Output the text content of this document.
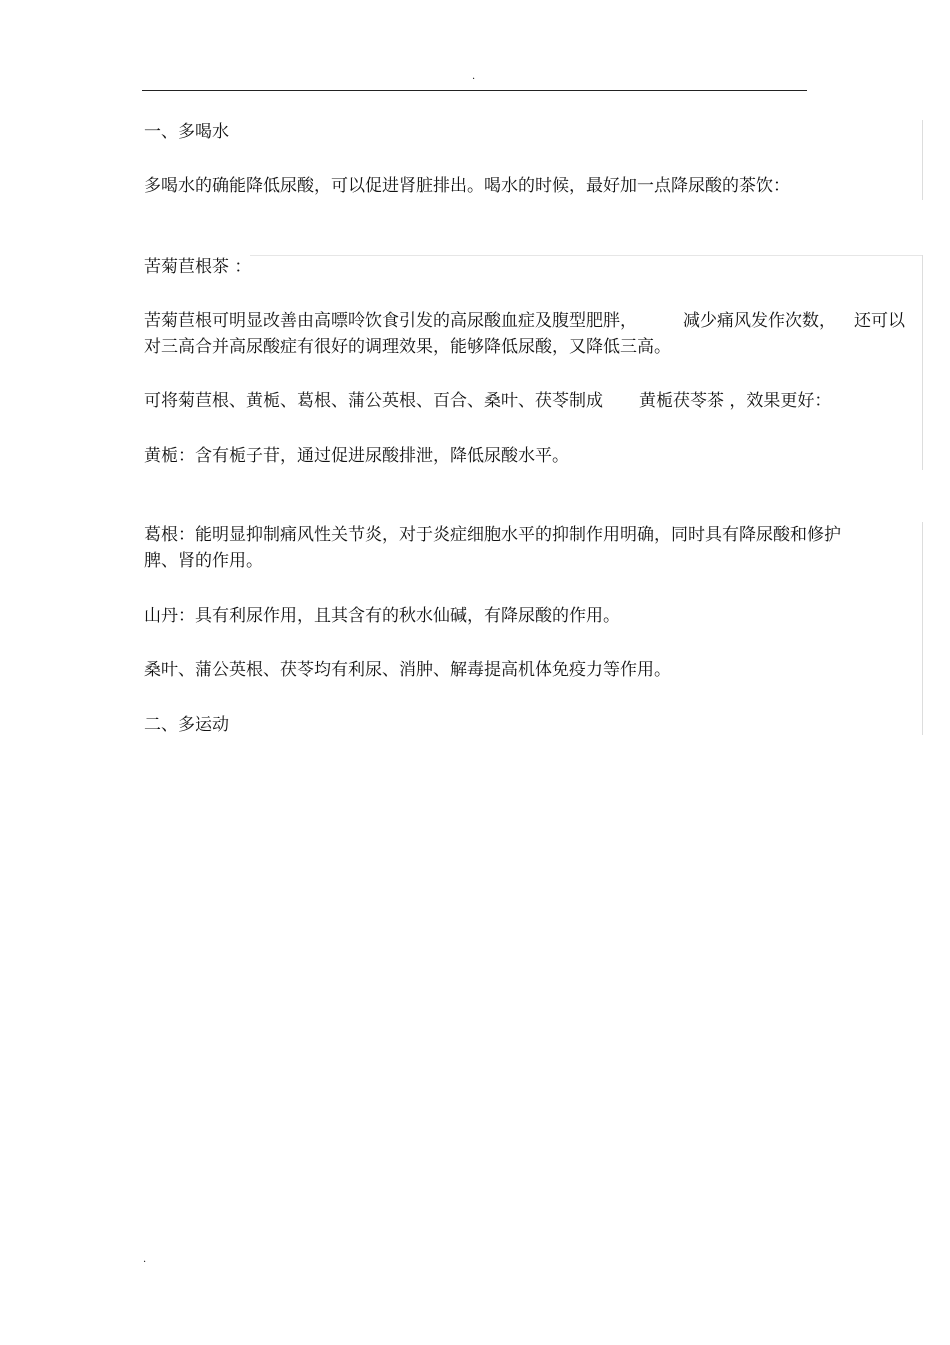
.
一、多喝水
多喝水的确能降低尿酸，可以促进肾脏排出。喝水的时候，最好加一点降尿酸的茶饮：
苦菊苣根茶 ：
苦菊苣根可明显改善由高嘌呤饮食引发的高尿酸血症及腹型肥胖，	减少痛风发作次数， 还可以
对三高合并高尿酸症有很好的调理效果，能够降低尿酸，又降低三高。
可将菊苣根、黄栀、葛根、蒲公英根、百合、桑叶、茯苓制成 黄栀茯苓茶 ，效果更好：
黄栀：含有栀子苷，通过促进尿酸排泄，降低尿酸水平。
葛根：能明显抑制痛风性关节炎，对于炎症细胞水平的抑制作用明确，同时具有降尿酸和修护
脾、肾的作用。
山丹：具有利尿作用，且其含有的秋水仙碱，有降尿酸的作用。
桑叶、蒲公英根、茯苓均有利尿、消肿、解毒提高机体免疫力等作用。
二、多运动
.
